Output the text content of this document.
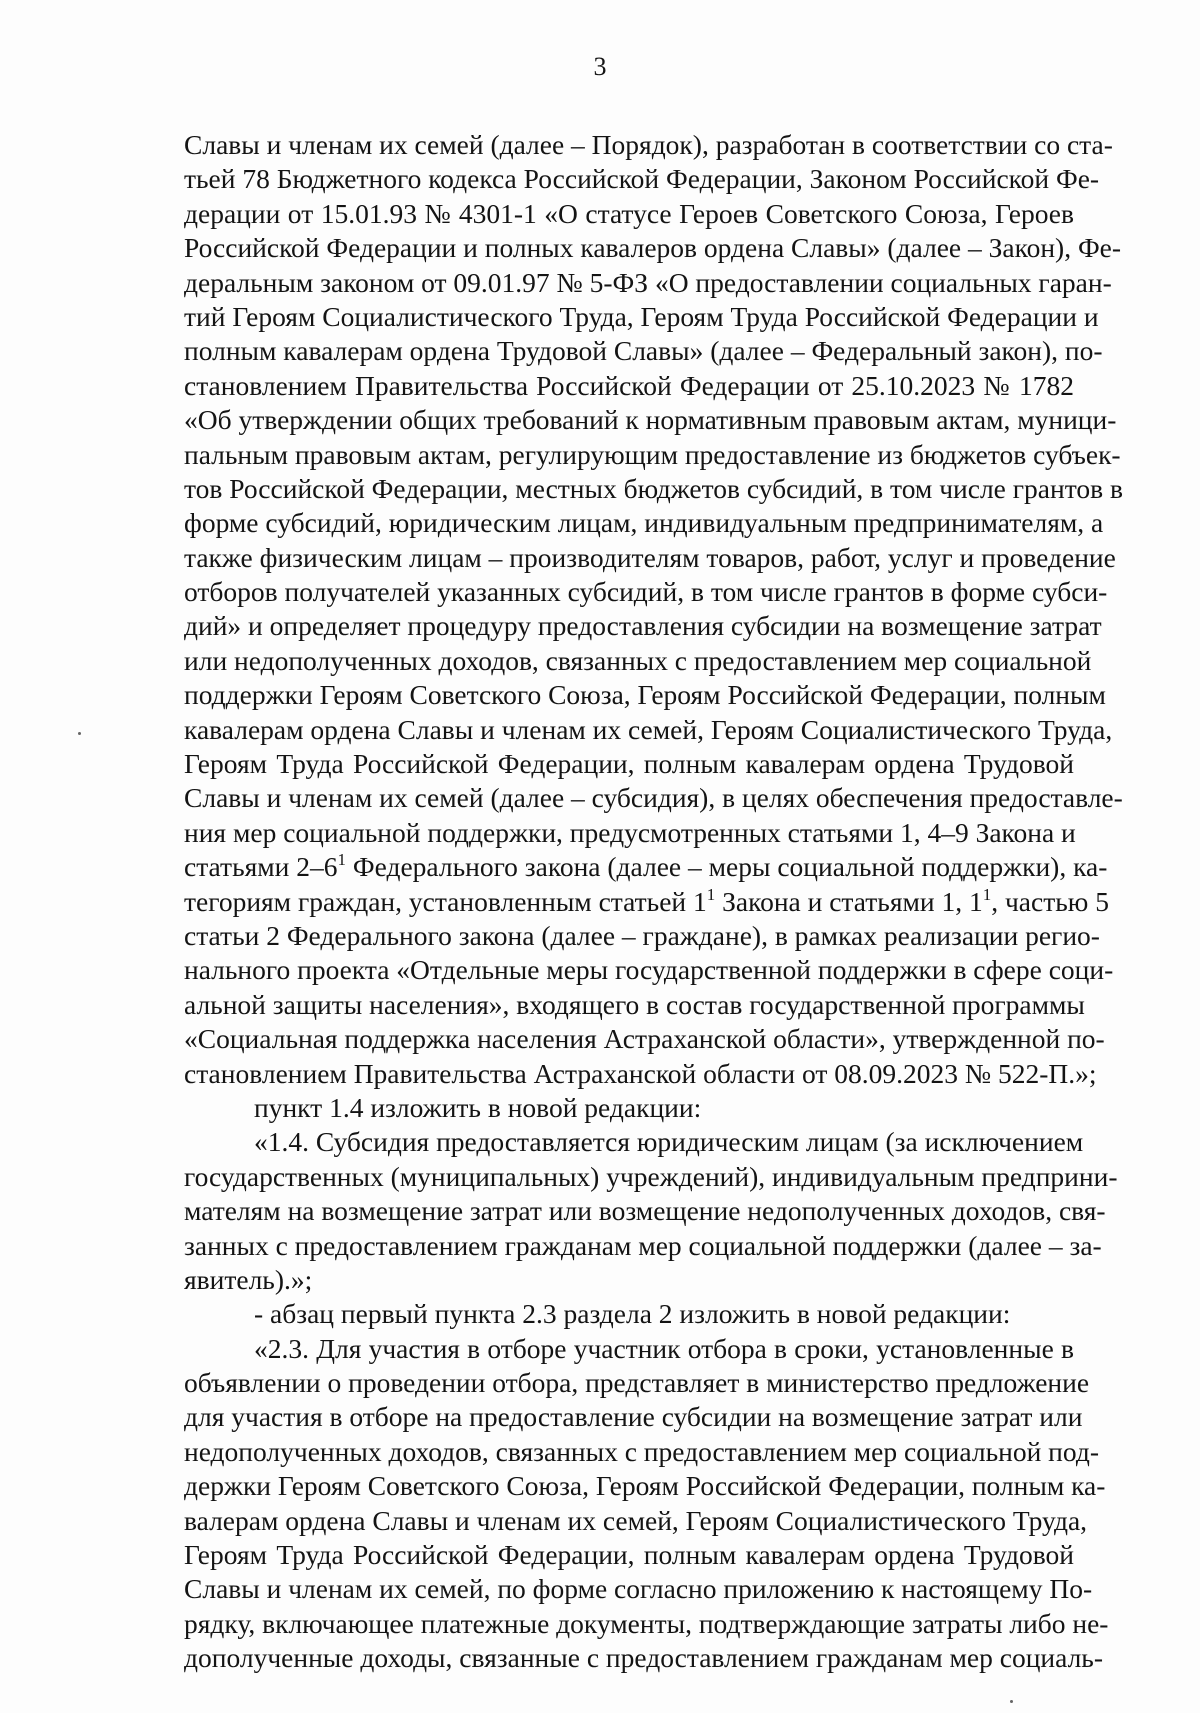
3
Славы и членам их семей (далее – Порядок), разработан в соответствии со ста-
тьей 78 Бюджетного кодекса Российской Федерации, Законом Российской Фе-
дерации от 15.01.93 № 4301-1 «О статусе Героев Советского Союза, Героев
Российской Федерации и полных кавалеров ордена Славы» (далее – Закон), Фе-
деральным законом от 09.01.97 № 5-ФЗ «О предоставлении социальных гаран-
тий Героям Социалистического Труда, Героям Труда Российской Федерации и
полным кавалерам ордена Трудовой Славы» (далее – Федеральный закон), по-
становлением Правительства Российской Федерации от 25.10.2023 № 1782
«Об утверждении общих требований к нормативным правовым актам, муници-
пальным правовым актам, регулирующим предоставление из бюджетов субъек-
тов Российской Федерации, местных бюджетов субсидий, в том числе грантов в
форме субсидий, юридическим лицам, индивидуальным предпринимателям, а
также физическим лицам – производителям товаров, работ, услуг и проведение
отборов получателей указанных субсидий, в том числе грантов в форме субси-
дий» и определяет процедуру предоставления субсидии на возмещение затрат
или недополученных доходов, связанных с предоставлением мер социальной
поддержки Героям Советского Союза, Героям Российской Федерации, полным
кавалерам ордена Славы и членам их семей, Героям Социалистического Труда,
Героям Труда Российской Федерации, полным кавалерам ордена Трудовой
Славы и членам их семей (далее – субсидия), в целях обеспечения предоставле-
ния мер социальной поддержки, предусмотренных статьями 1, 4–9 Закона и
статьями $2-6^1$ Федерального закона (далее – меры социальной поддержки), ка-
тегориям граждан, установленным статьей $1^1$ Закона и статьями 1, $1^1$, частью 5
статьи 2 Федерального закона (далее – граждане), в рамках реализации регио-
нального проекта «Отдельные меры государственной поддержки в сфере соци-
альной защиты населения», входящего в состав государственной программы
«Социальная поддержка населения Астраханской области», утвержденной по-
становлением Правительства Астраханской области от 08.09.2023 № 522-П.»;
пункт 1.4 изложить в новой редакции:
«1.4. Субсидия предоставляется юридическим лицам (за исключением
государственных (муниципальных) учреждений), индивидуальным предприни-
мателям на возмещение затрат или возмещение недополученных доходов, свя-
занных с предоставлением гражданам мер социальной поддержки (далее – за-
явитель).»;
- абзац первый пункта 2.3 раздела 2 изложить в новой редакции:
«2.3. Для участия в отборе участник отбора в сроки, установленные в
объявлении о проведении отбора, представляет в министерство предложение
для участия в отборе на предоставление субсидии на возмещение затрат или
недополученных доходов, связанных с предоставлением мер социальной под-
держки Героям Советского Союза, Героям Российской Федерации, полным ка-
валерам ордена Славы и членам их семей, Героям Социалистического Труда,
Героям Труда Российской Федерации, полным кавалерам ордена Трудовой
Славы и членам их семей, по форме согласно приложению к настоящему По-
рядку, включающее платежные документы, подтверждающие затраты либо не-
дополученные доходы, связанные с предоставлением гражданам мер социаль-
